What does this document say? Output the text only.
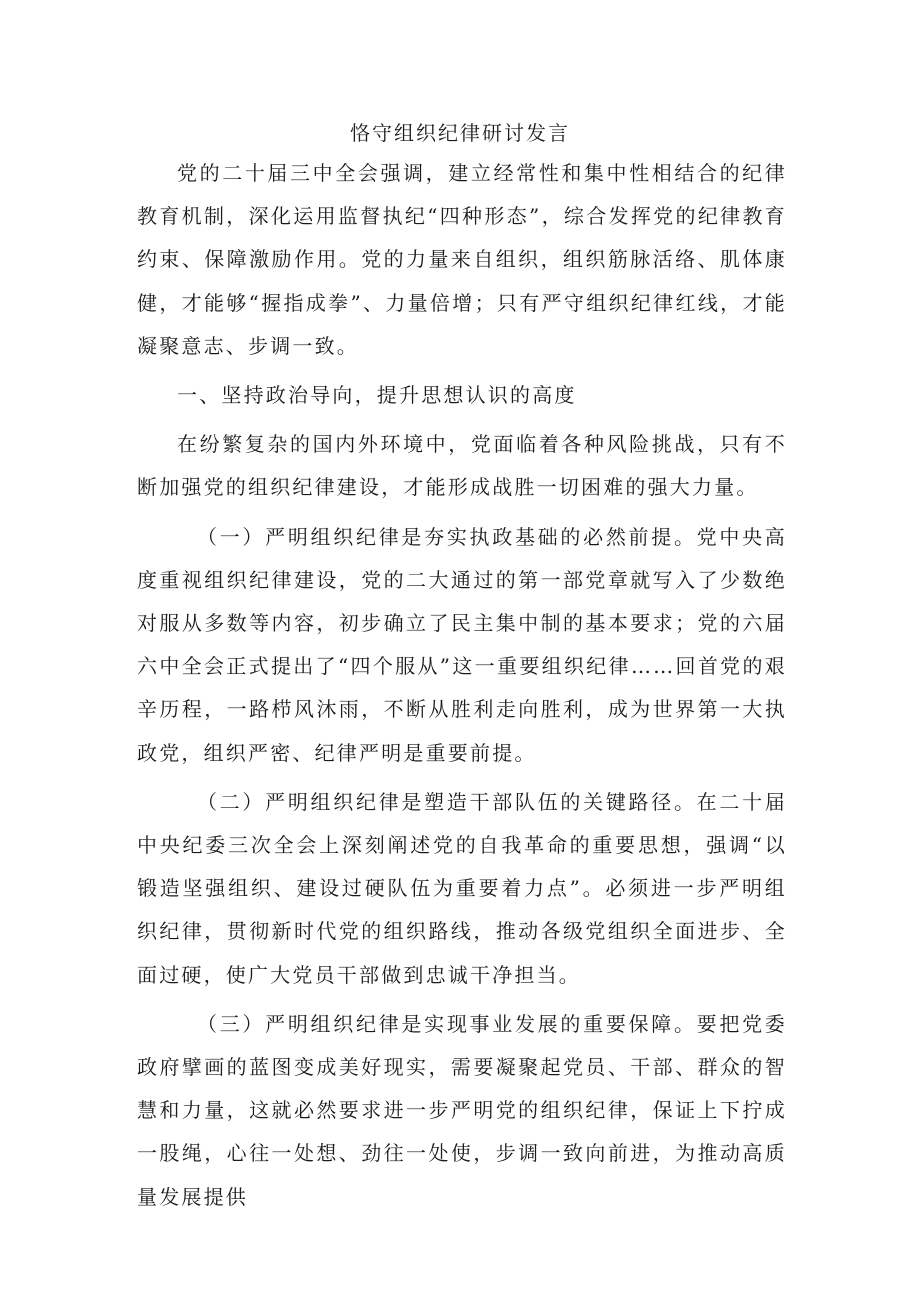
恪守组织纪律研讨发言

党的二十届三中全会强调，建立经常性和集中性相结合的纪律教育机制，深化运用监督执纪“四种形态”，综合发挥党的纪律教育约束、保障激励作用。党的力量来自组织，组织筋脉活络、肌体康健，才能够“握指成拳”、力量倍增；只有严守组织纪律红线，才能凝聚意志、步调一致。

一、坚持政治导向，提升思想认识的高度

在纷繁复杂的国内外环境中，党面临着各种风险挑战，只有不断加强党的组织纪律建设，才能形成战胜一切困难的强大力量。

（一）严明组织纪律是夯实执政基础的必然前提。党中央高度重视组织纪律建设，党的二大通过的第一部党章就写入了少数绝对服从多数等内容，初步确立了民主集中制的基本要求；党的六届六中全会正式提出了“四个服从”这一重要组织纪律……回首党的艰辛历程，一路栉风沐雨，不断从胜利走向胜利，成为世界第一大执政党，组织严密、纪律严明是重要前提。

（二）严明组织纪律是塑造干部队伍的关键路径。在二十届中央纪委三次全会上深刻阐述党的自我革命的重要思想，强调“以锻造坚强组织、建设过硬队伍为重要着力点”。必须进一步严明组织纪律，贯彻新时代党的组织路线，推动各级党组织全面进步、全面过硬，使广大党员干部做到忠诚干净担当。

（三）严明组织纪律是实现事业发展的重要保障。要把党委政府擘画的蓝图变成美好现实，需要凝聚起党员、干部、群众的智慧和力量，这就必然要求进一步严明党的组织纪律，保证上下拧成一股绳，心往一处想、劲往一处使，步调一致向前进，为推动高质量发展提供
